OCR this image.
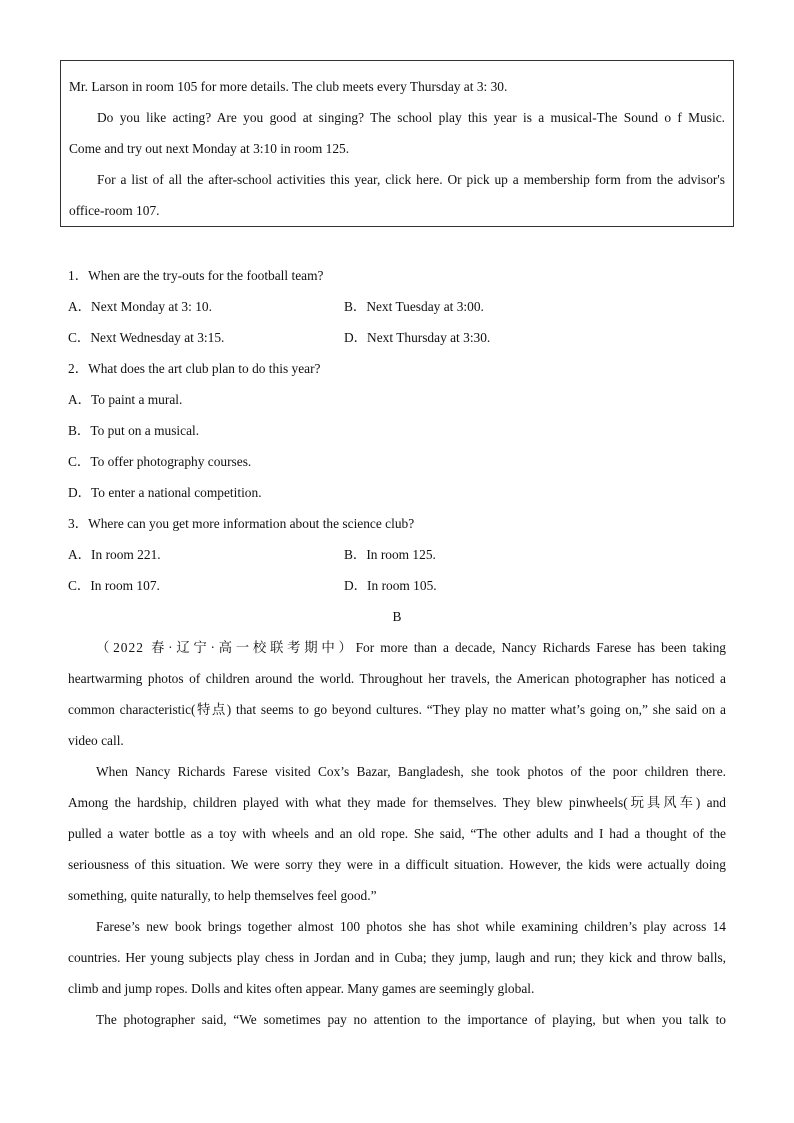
Mr. Larson in room 105 for more details. The club meets every Thursday at 3: 30.

Do you like acting? Are you good at singing? The school play this year is a musical-The Sound o f Music.

Come and try out next Monday at 3:10 in room 125.

For a list of all the after-school activities this year, click here. Or pick up a membership form from the advisor's

office-room 107.

1．When are the try-outs for the football team?
A．Next Monday at 3: 10.	B．Next Tuesday at 3:00.
C．Next Wednesday at 3:15.	D．Next Thursday at 3:30.
2．What does the art club plan to do this year?
A．To paint a mural.
B．To put on a musical.
C．To offer photography courses.
D．To enter a national competition.
3．Where can you get more information about the science club?
A．In room 221.	B．In room 125.
C．In room 107.	D．In room 105.
B

（2022 春·辽宁·高一校联考期中）For more than a decade, Nancy Richards Farese has been taking

heartwarming photos of children around the world. Throughout her travels, the American photographer has noticed a

common characteristic(特点) that seems to go beyond cultures. “They play no matter what’s going on,” she said on a

video call.

When Nancy Richards Farese visited Cox’s Bazar, Bangladesh, she took photos of the poor children there.

Among the hardship, children played with what they made for themselves. They blew pinwheels(玩具风车) and

pulled a water bottle as a toy with wheels and an old rope. She said, “The other adults and I had a thought of the

seriousness of this situation. We were sorry they were in a difficult situation. However, the kids were actually doing

something, quite naturally, to help themselves feel good.”

Farese’s new book brings together almost 100 photos she has shot while examining children’s play across 14

countries. Her young subjects play chess in Jordan and in Cuba; they jump, laugh and run; they kick and throw balls,

climb and jump ropes. Dolls and kites often appear. Many games are seemingly global.

The photographer said, “We sometimes pay no attention to the importance of playing, but when you talk to
